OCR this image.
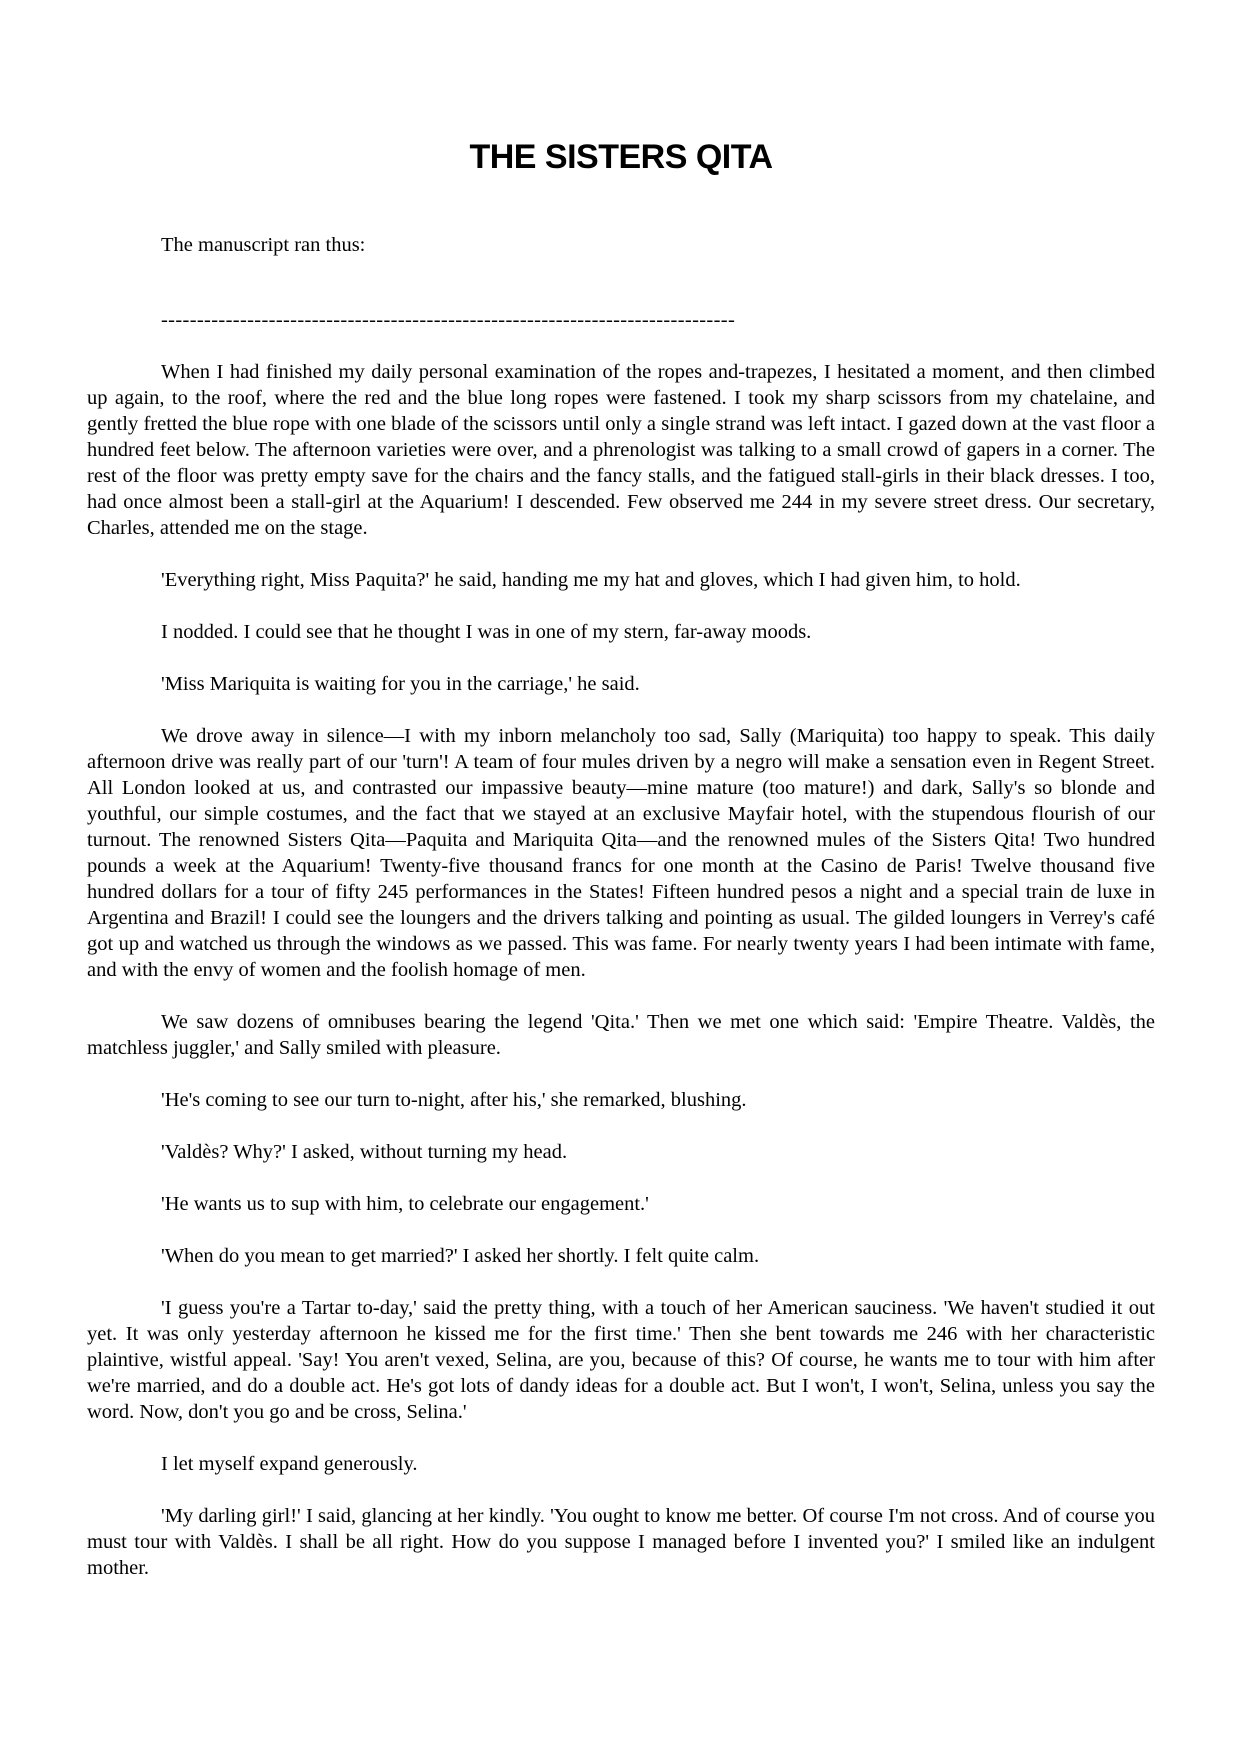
THE SISTERS QITA

The manuscript ran thus:

--------------------------------------------------------------------------------

When I had finished my daily personal examination of the ropes and-trapezes, I hesitated a moment, and then climbed up again, to the roof, where the red and the blue long ropes were fastened. I took my sharp scissors from my chatelaine, and gently fretted the blue rope with one blade of the scissors until only a single strand was left intact. I gazed down at the vast floor a hundred feet below. The afternoon varieties were over, and a phrenologist was talking to a small crowd of gapers in a corner. The rest of the floor was pretty empty save for the chairs and the fancy stalls, and the fatigued stall-girls in their black dresses. I too, had once almost been a stall-girl at the Aquarium! I descended. Few observed me 244 in my severe street dress. Our secretary, Charles, attended me on the stage.

'Everything right, Miss Paquita?' he said, handing me my hat and gloves, which I had given him, to hold.

I nodded. I could see that he thought I was in one of my stern, far-away moods.

'Miss Mariquita is waiting for you in the carriage,' he said.

We drove away in silence—I with my inborn melancholy too sad, Sally (Mariquita) too happy to speak. This daily afternoon drive was really part of our 'turn'! A team of four mules driven by a negro will make a sensation even in Regent Street. All London looked at us, and contrasted our impassive beauty—mine mature (too mature!) and dark, Sally's so blonde and youthful, our simple costumes, and the fact that we stayed at an exclusive Mayfair hotel, with the stupendous flourish of our turnout. The renowned Sisters Qita—Paquita and Mariquita Qita—and the renowned mules of the Sisters Qita! Two hundred pounds a week at the Aquarium! Twenty-five thousand francs for one month at the Casino de Paris! Twelve thousand five hundred dollars for a tour of fifty 245 performances in the States! Fifteen hundred pesos a night and a special train de luxe in Argentina and Brazil! I could see the loungers and the drivers talking and pointing as usual. The gilded loungers in Verrey's café got up and watched us through the windows as we passed. This was fame. For nearly twenty years I had been intimate with fame, and with the envy of women and the foolish homage of men.

We saw dozens of omnibuses bearing the legend 'Qita.' Then we met one which said: 'Empire Theatre. Valdès, the matchless juggler,' and Sally smiled with pleasure.

'He's coming to see our turn to-night, after his,' she remarked, blushing.

'Valdès? Why?' I asked, without turning my head.

'He wants us to sup with him, to celebrate our engagement.'

'When do you mean to get married?' I asked her shortly. I felt quite calm.

'I guess you're a Tartar to-day,' said the pretty thing, with a touch of her American sauciness. 'We haven't studied it out yet. It was only yesterday afternoon he kissed me for the first time.' Then she bent towards me 246 with her characteristic plaintive, wistful appeal. 'Say! You aren't vexed, Selina, are you, because of this? Of course, he wants me to tour with him after we're married, and do a double act. He's got lots of dandy ideas for a double act. But I won't, I won't, Selina, unless you say the word. Now, don't you go and be cross, Selina.'

I let myself expand generously.

'My darling girl!' I said, glancing at her kindly. 'You ought to know me better. Of course I'm not cross. And of course you must tour with Valdès. I shall be all right. How do you suppose I managed before I invented you?' I smiled like an indulgent mother.
